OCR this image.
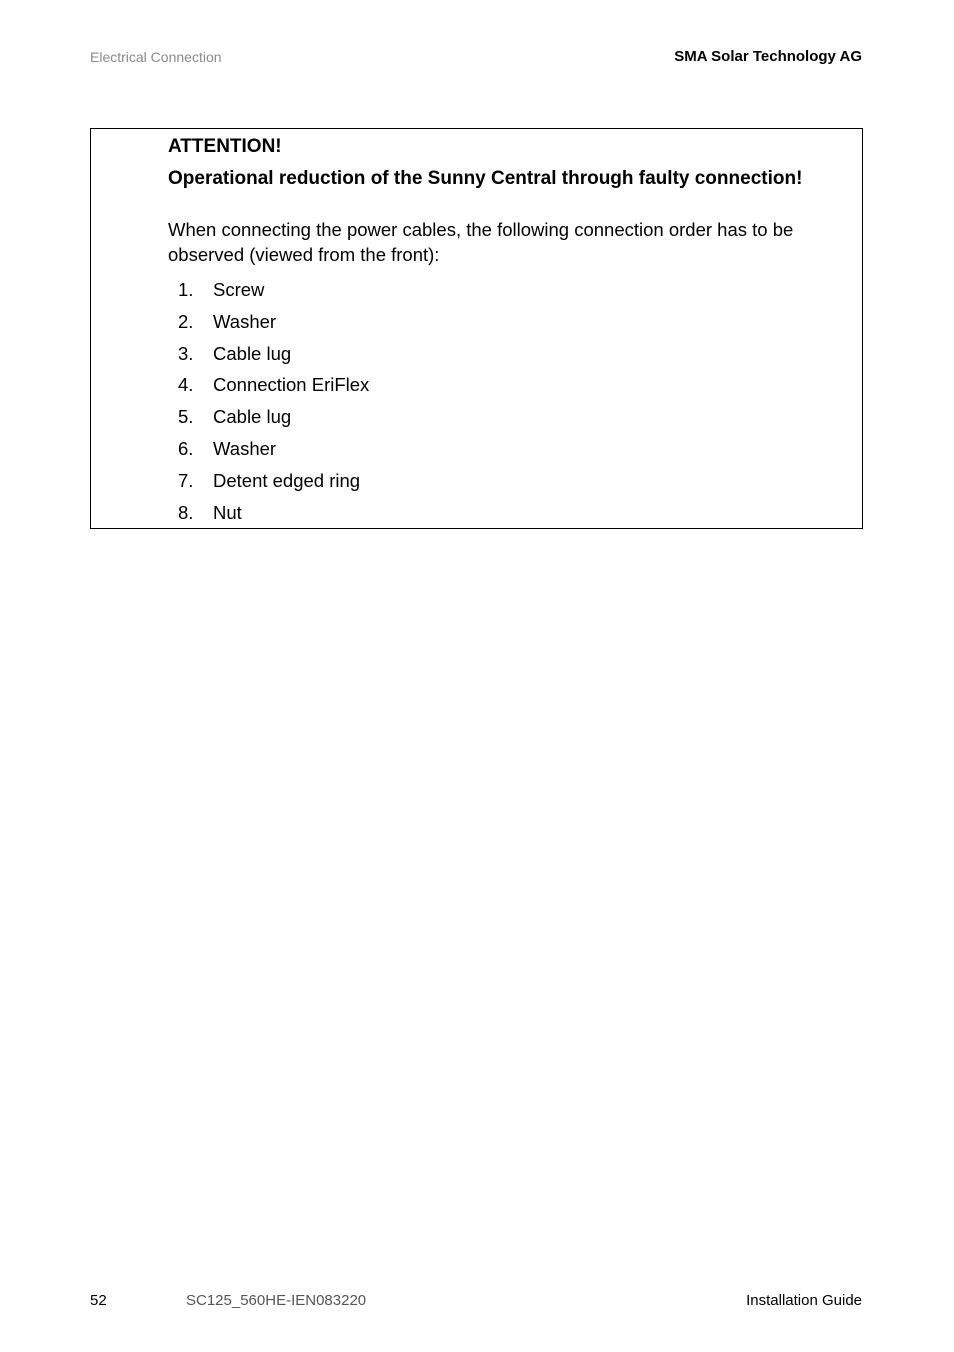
Electrical Connection	SMA Solar Technology AG
ATTENTION!
Operational reduction of the Sunny Central through faulty connection!
When connecting the power cables, the following connection order has to be observed (viewed from the front):
1.	Screw
2.	Washer
3.	Cable lug
4.	Connection EriFlex
5.	Cable lug
6.	Washer
7.	Detent edged ring
8.	Nut
52	SC125_560HE-IEN083220	Installation Guide
